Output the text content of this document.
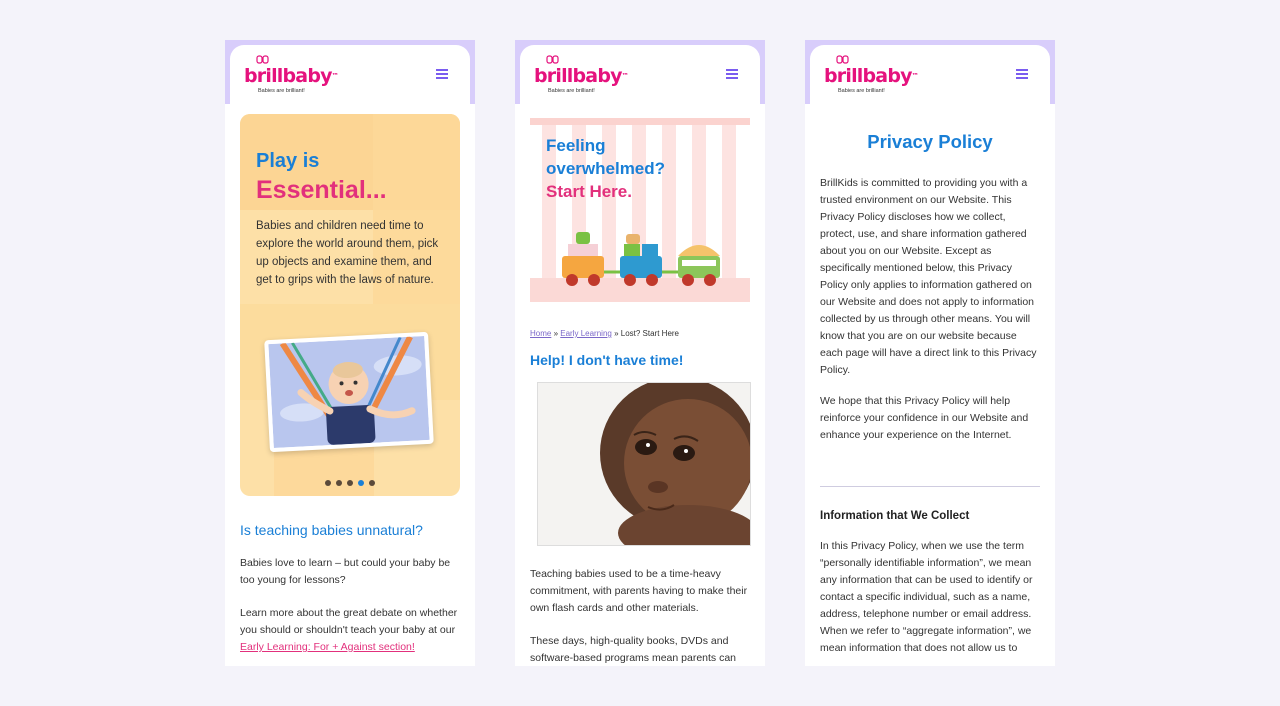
brillbaby™
Babies are brilliant!
Play is
Essential...
Babies and children need time to explore the world around them, pick up objects and examine them, and get to grips with the laws of nature.
Is teaching babies unnatural?
Babies love to learn – but could your baby be too young for lessons?
Learn more about the great debate on whether you should or shouldn't teach your baby at our Early Learning: For + Against section!
brillbaby™
Babies are brilliant!
Feeling
overwhelmed?
Start Here.
Home » Early Learning » Lost? Start Here
Help! I don't have time!
Teaching babies used to be a time-heavy commitment, with parents having to make their own flash cards and other materials.
These days, high-quality books, DVDs and software-based programs mean parents can
brillbaby™
Babies are brilliant!
Privacy Policy
BrillKids is committed to providing you with a trusted environment on our Website. This Privacy Policy discloses how we collect, protect, use, and share information gathered about you on our Website. Except as specifically mentioned below, this Privacy Policy only applies to information gathered on our Website and does not apply to information collected by us through other means. You will know that you are on our website because each page will have a direct link to this Privacy Policy.
We hope that this Privacy Policy will help reinforce your confidence in our Website and enhance your experience on the Internet.
Information that We Collect
In this Privacy Policy, when we use the term “personally identifiable information”, we mean any information that can be used to identify or contact a specific individual, such as a name, address, telephone number or email address. When we refer to “aggregate information”, we mean information that does not allow us to
